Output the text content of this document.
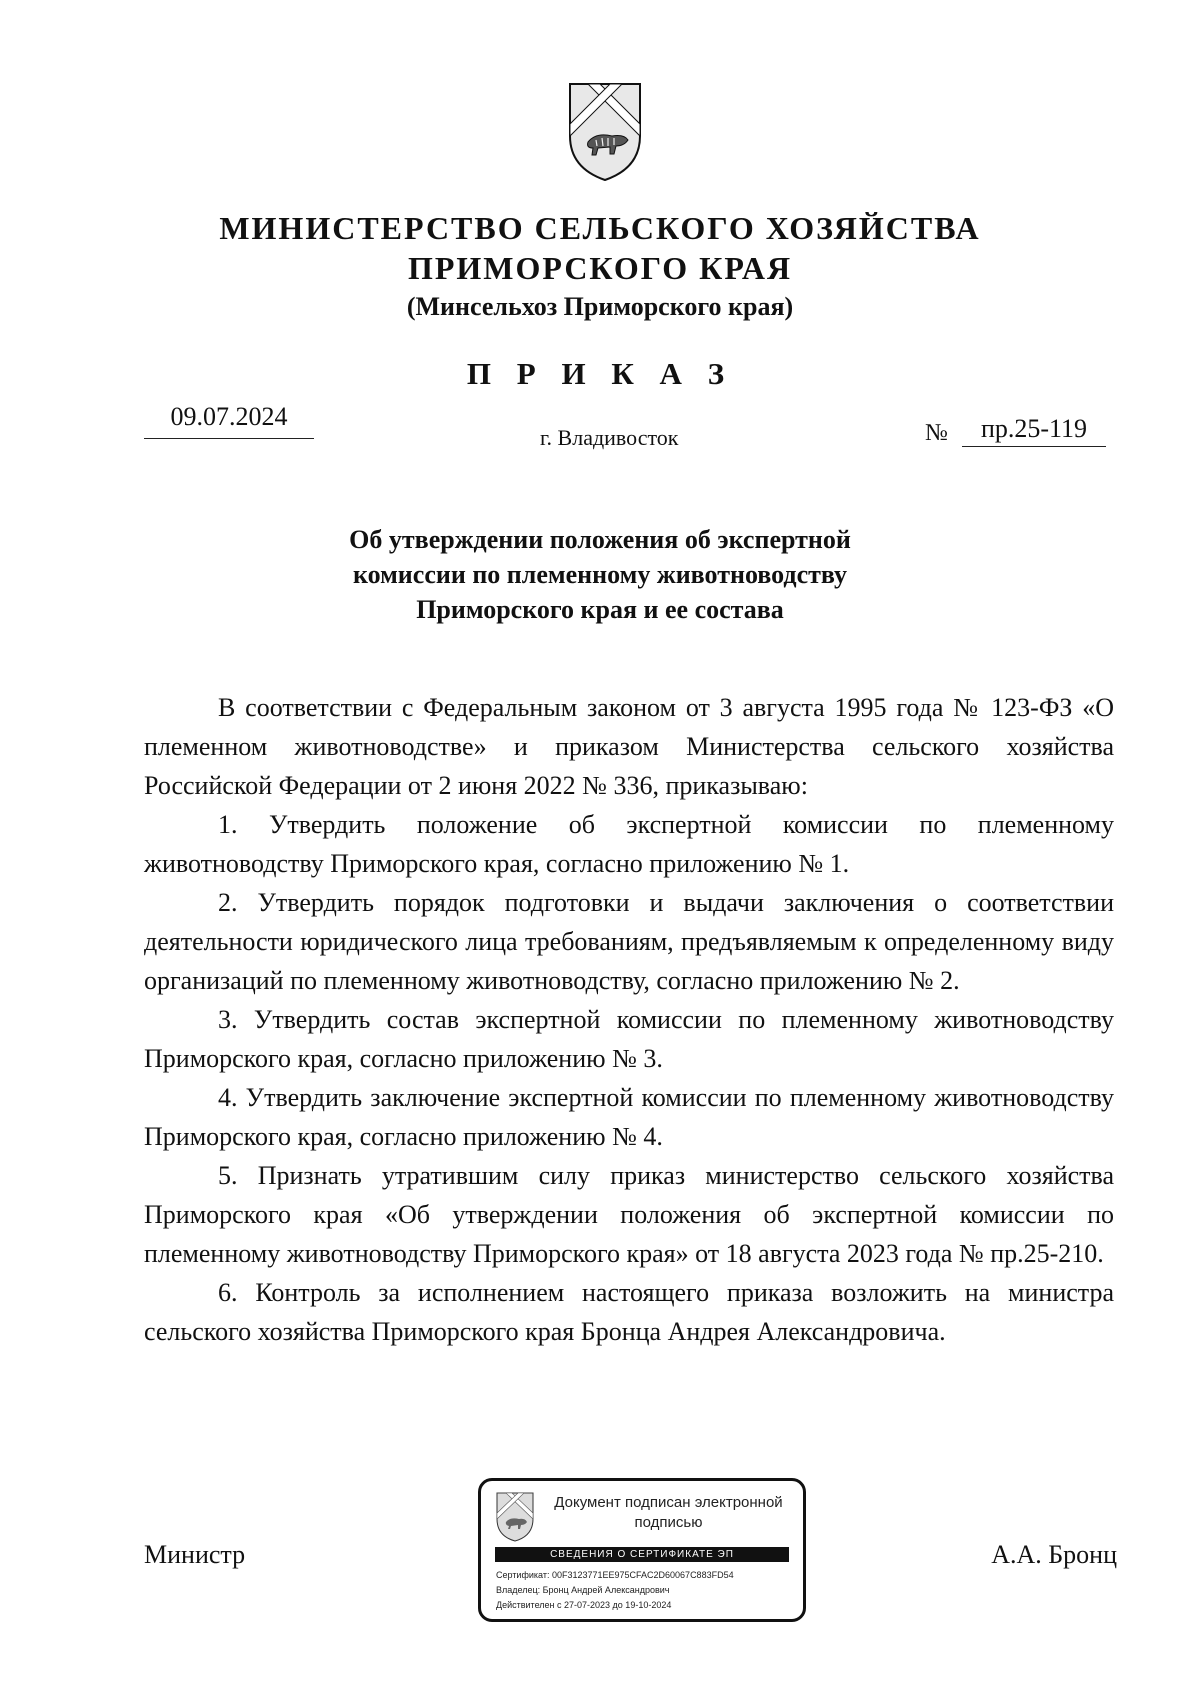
МИНИСТЕРСТВО СЕЛЬСКОГО ХОЗЯЙСТВА
ПРИМОРСКОГО КРАЯ
(Минсельхоз Приморского края)
П Р И К А З
09.07.2024
г. Владивосток	№	пр.25-119
Об утверждении положения об экспертной комиссии по племенному животноводству Приморского края и ее состава

В соответствии с Федеральным законом от 3 августа 1995 года № 123-ФЗ «О племенном животноводстве» и приказом Министерства сельского хозяйства Российской Федерации от 2 июня 2022 № 336, приказываю:

1. Утвердить положение об экспертной комиссии по племенному животноводству Приморского края, согласно приложению № 1.

2. Утвердить порядок подготовки и выдачи заключения о соответствии деятельности юридического лица требованиям, предъявляемым к определенному виду организаций по племенному животноводству, согласно приложению № 2.

3. Утвердить состав экспертной комиссии по племенному животноводству Приморского края, согласно приложению № 3.

4. Утвердить заключение экспертной комиссии по племенному животноводству Приморского края, согласно приложению № 4.

5. Признать утратившим силу приказ министерство сельского хозяйства Приморского края «Об утверждении положения об экспертной комиссии по племенному животноводству Приморского края» от 18 августа 2023 года № пр.25-210.

6. Контроль за исполнением настоящего приказа возложить на министра сельского хозяйства Приморского края Бронца Андрея Александровича.

Министр	А.А. Бронц
Документ подписан электронной подписью
СВЕДЕНИЯ О СЕРТИФИКАТЕ ЭП
Сертификат: 00F3123771EE975CFAC2D60067C883FD54
Владелец: Бронц Андрей Александрович
Действителен с 27-07-2023 до 19-10-2024
